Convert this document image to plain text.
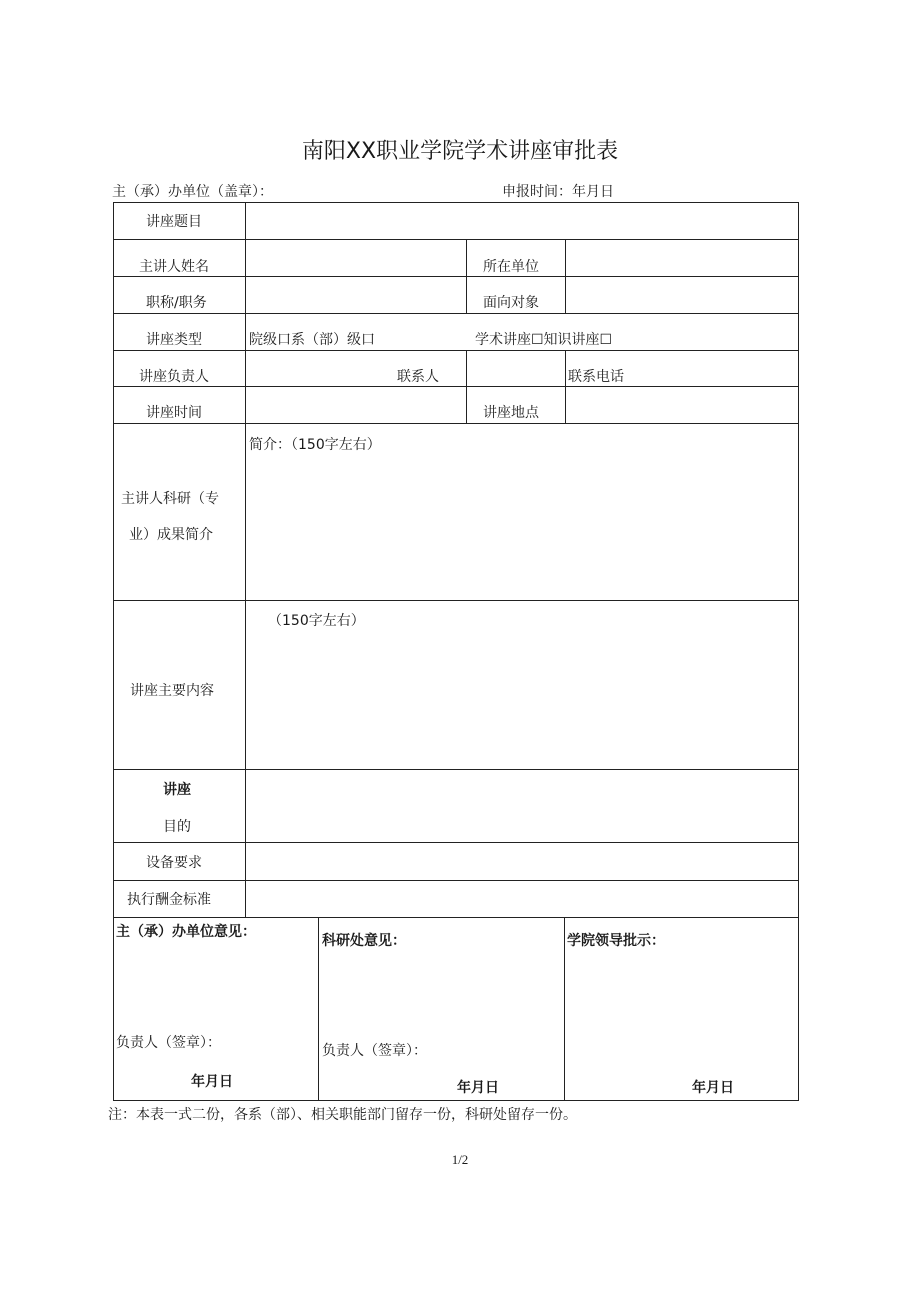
南阳XX职业学院学术讲座审批表
主（承）办单位（盖章）：	申报时间：年月日
讲座题目
主讲人姓名	所在单位
职称/职务	面向对象
讲座类型	院级口系（部）级口	学术讲座☐知识讲座☐
讲座负责人	联系人	联系电话
讲座时间	讲座地点
主讲人科研（专
业）成果简介
简介：（150字左右）
讲座主要内容
（150字左右）
讲座
目的
设备要求
执行酬金标准
主（承）办单位意见：
负责人（签章）：
年月日
科研处意见：
负责人（签章）：
年月日
学院领导批示：
年月日
注：本表一式二份，各系（部）、相关职能部门留存一份，科研处留存一份。
1/2
